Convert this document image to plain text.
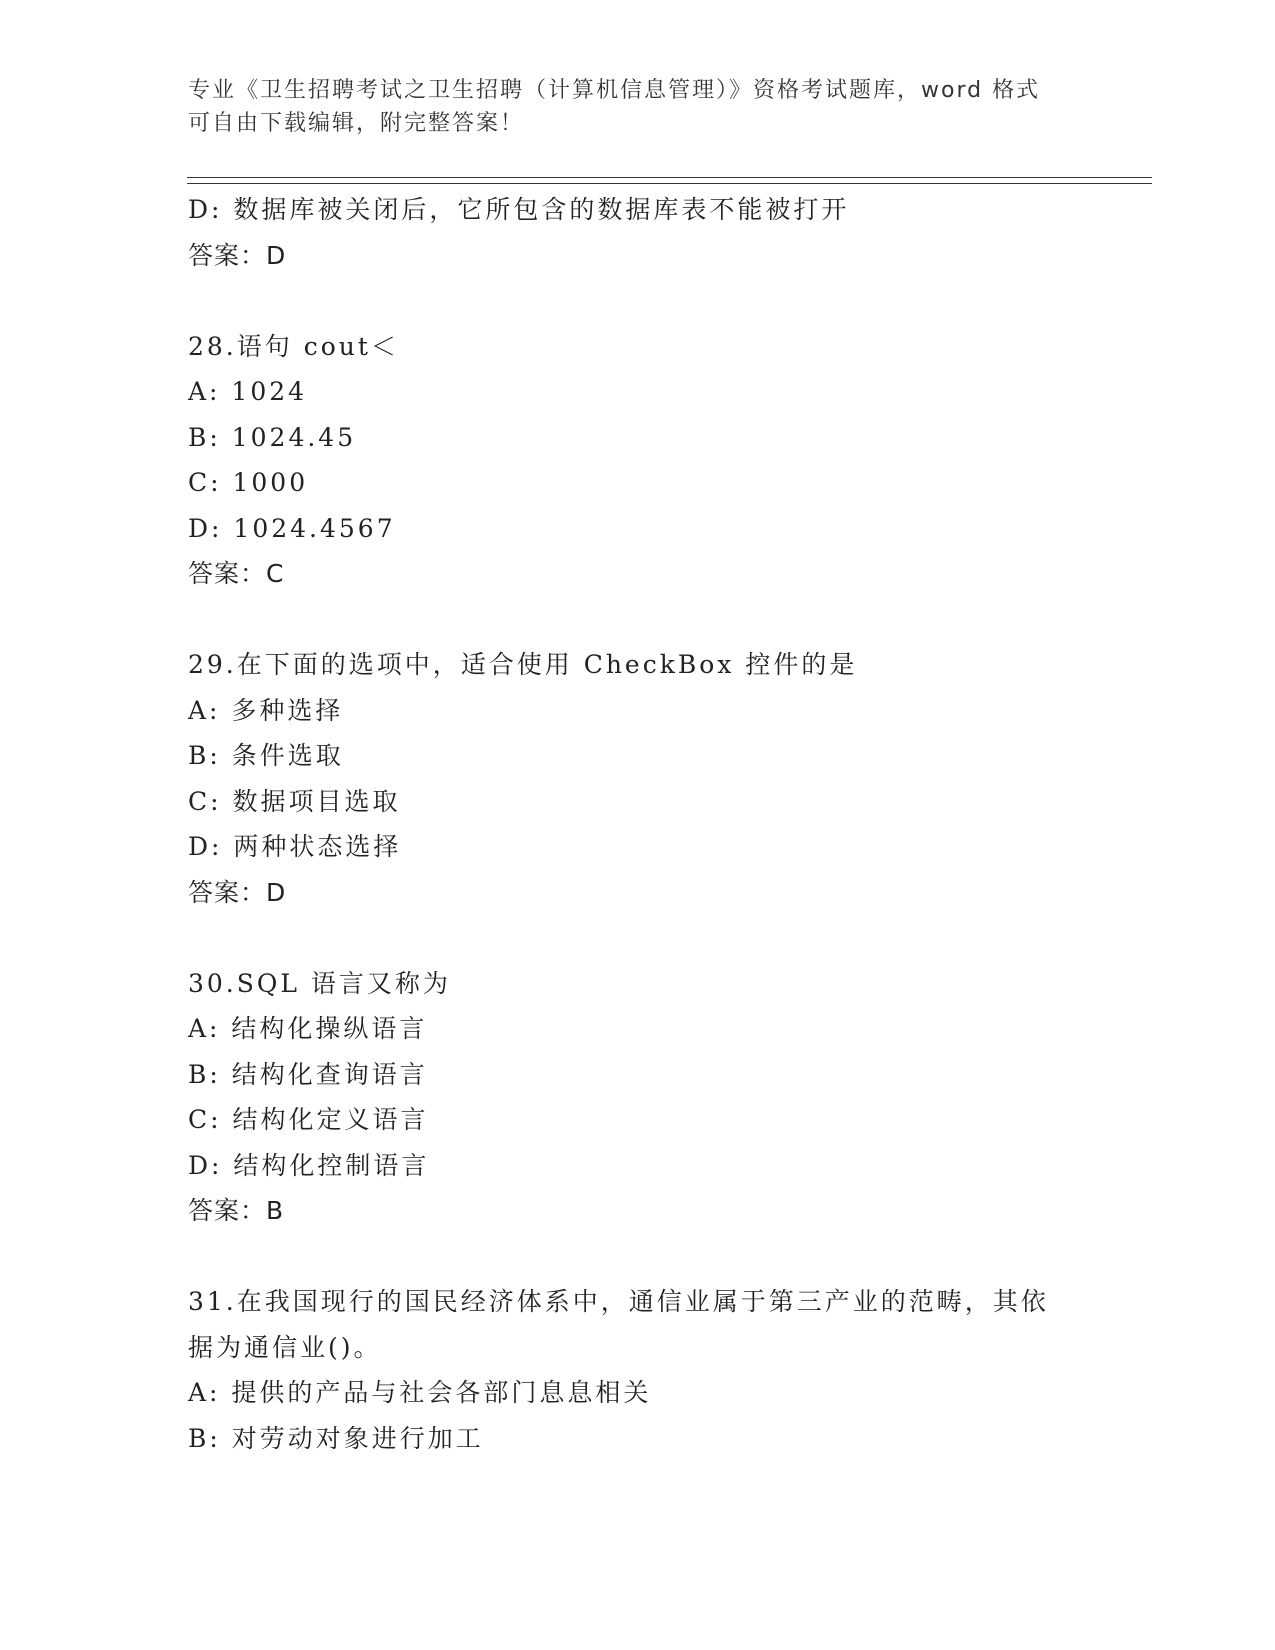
专业《卫生招聘考试之卫生招聘（计算机信息管理）》资格考试题库，word 格式
可自由下载编辑，附完整答案！
D: 数据库被关闭后，它所包含的数据库表不能被打开
答案：D
28.语句 cout＜
A: 1024
B: 1024.45
C: 1000
D: 1024.4567
答案：C
29.在下面的选项中，适合使用 CheckBox 控件的是
A: 多种选择
B: 条件选取
C: 数据项目选取
D: 两种状态选择
答案：D
30.SQL 语言又称为
A: 结构化操纵语言
B: 结构化查询语言
C: 结构化定义语言
D: 结构化控制语言
答案：B
31.在我国现行的国民经济体系中，通信业属于第三产业的范畴，其依
据为通信业()。
A: 提供的产品与社会各部门息息相关
B: 对劳动对象进行加工
